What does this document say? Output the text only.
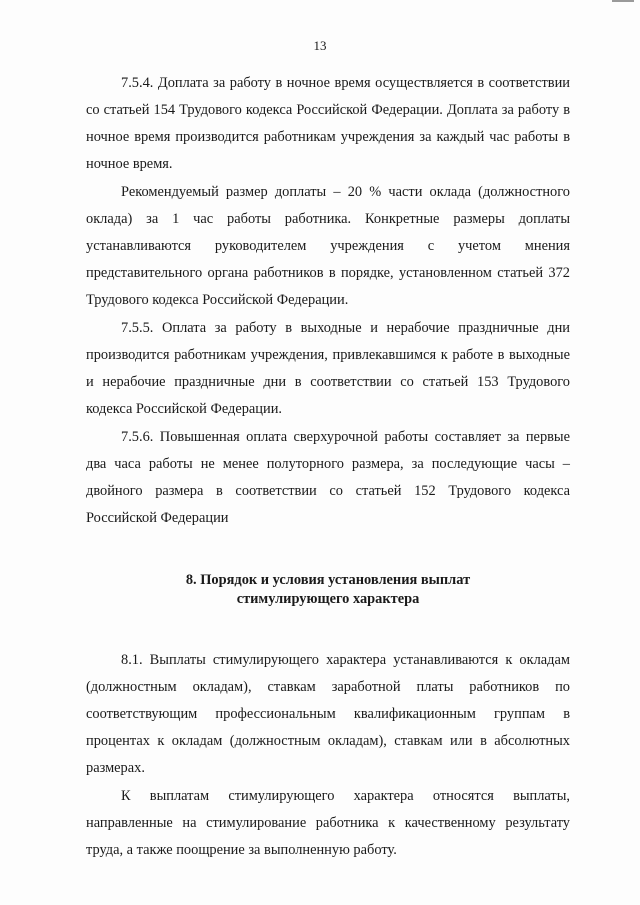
13

7.5.4. Доплата за работу в ночное время осуществляется в соответствии со статьей 154 Трудового кодекса Российской Федерации. Доплата за работу в ночное время производится работникам учреждения за каждый час работы в ночное время.

Рекомендуемый размер доплаты – 20 % части оклада (должностного оклада) за 1 час работы работника. Конкретные размеры доплаты устанавливаются руководителем учреждения с учетом мнения представительного органа работников в порядке, установленном статьей 372 Трудового кодекса Российской Федерации.

7.5.5. Оплата за работу в выходные и нерабочие праздничные дни производится работникам учреждения, привлекавшимся к работе в выходные и нерабочие праздничные дни в соответствии со статьей 153 Трудового кодекса Российской Федерации.

7.5.6. Повышенная оплата сверхурочной работы составляет за первые два часа работы не менее полуторного размера, за последующие часы – двойного размера в соответствии со статьей 152 Трудового кодекса Российской Федерации

8. Порядок и условия установления выплат

стимулирующего характера

8.1. Выплаты стимулирующего характера устанавливаются к окладам (должностным окладам), ставкам заработной платы работников по соответствующим профессиональным квалификационным группам в процентах к окладам (должностным окладам), ставкам или в абсолютных размерах.

К выплатам стимулирующего характера относятся выплаты, направленные на стимулирование работника к качественному результату труда, а также поощрение за выполненную работу.
